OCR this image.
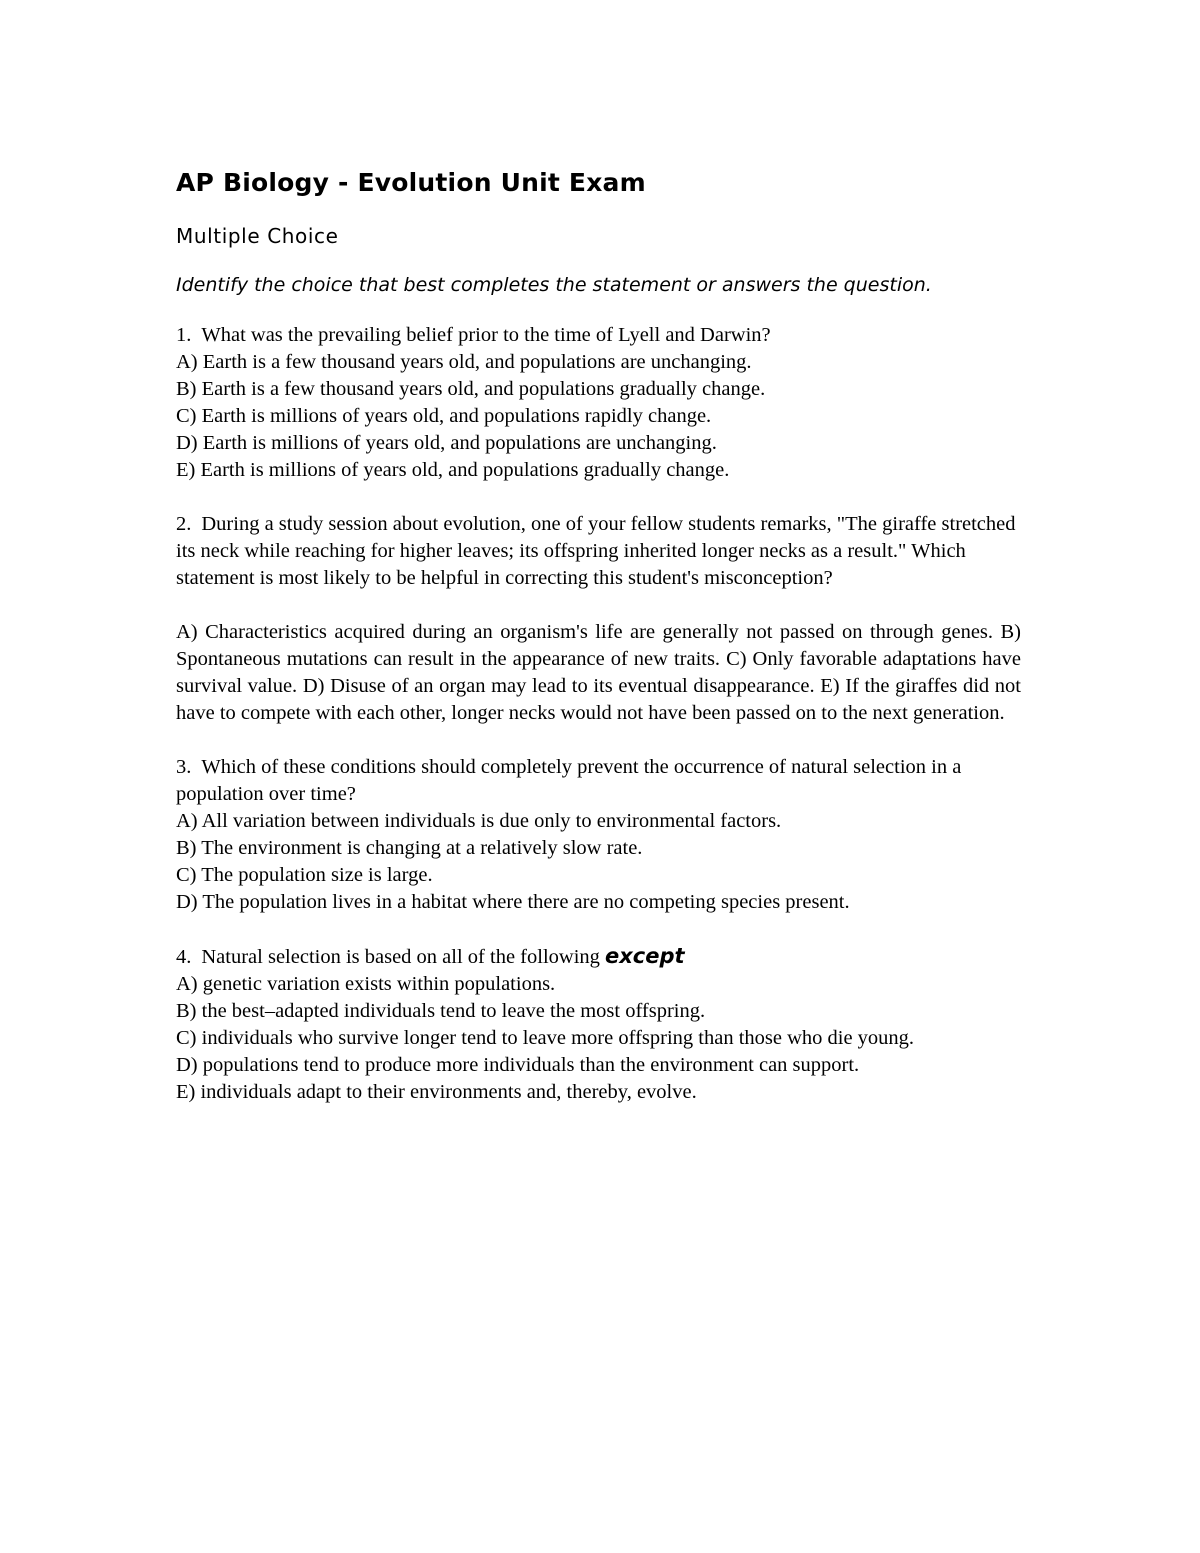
AP Biology - Evolution Unit Exam
Multiple Choice
Identify the choice that best completes the statement or answers the question.
1. What was the prevailing belief prior to the time of Lyell and Darwin?
A) Earth is a few thousand years old, and populations are unchanging.
B) Earth is a few thousand years old, and populations gradually change.
C) Earth is millions of years old, and populations rapidly change.
D) Earth is millions of years old, and populations are unchanging.
E) Earth is millions of years old, and populations gradually change.
2. During a study session about evolution, one of your fellow students remarks, "The giraffe stretched its neck while reaching for higher leaves; its offspring inherited longer necks as a result." Which statement is most likely to be helpful in correcting this student's misconception?
A) Characteristics acquired during an organism's life are generally not passed on through genes. B) Spontaneous mutations can result in the appearance of new traits. C) Only favorable adaptations have survival value. D) Disuse of an organ may lead to its eventual disappearance. E) If the giraffes did not have to compete with each other, longer necks would not have been passed on to the next generation.
3. Which of these conditions should completely prevent the occurrence of natural selection in a population over time?
A) All variation between individuals is due only to environmental factors.
B) The environment is changing at a relatively slow rate.
C) The population size is large.
D) The population lives in a habitat where there are no competing species present.
4. Natural selection is based on all of the following except
A) genetic variation exists within populations.
B) the best–adapted individuals tend to leave the most offspring.
C) individuals who survive longer tend to leave more offspring than those who die young.
D) populations tend to produce more individuals than the environment can support.
E) individuals adapt to their environments and, thereby, evolve.
